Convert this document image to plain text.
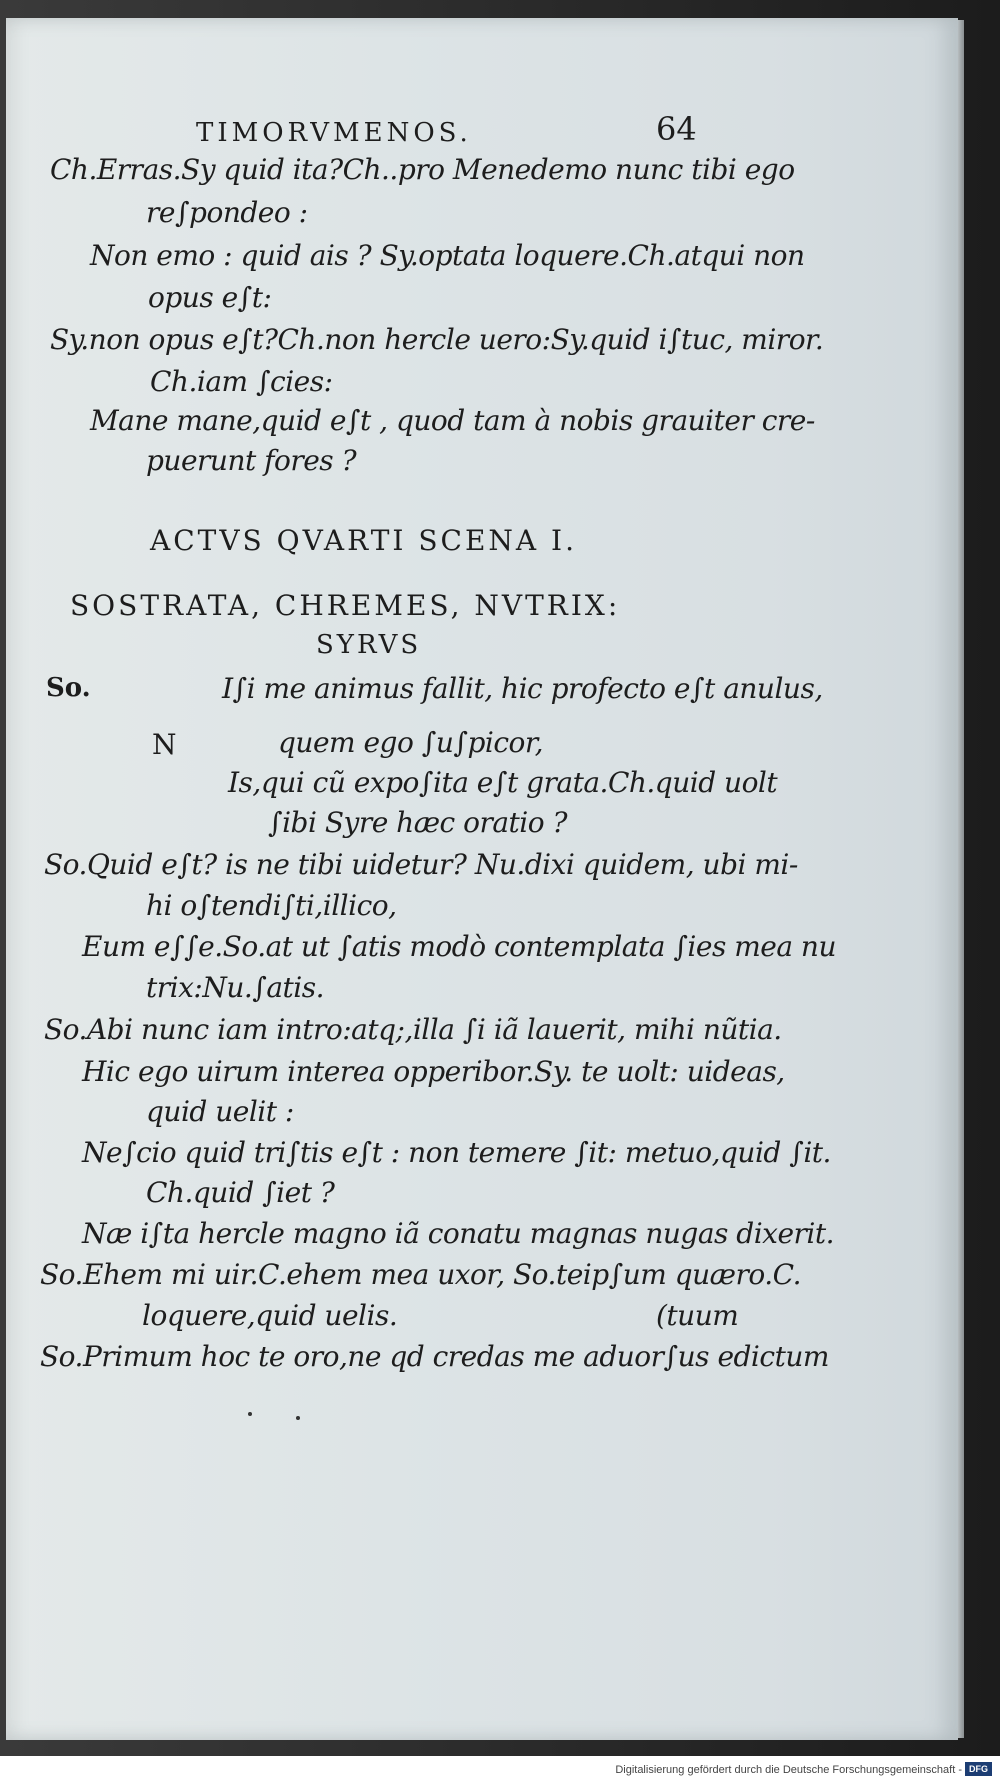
TIMORVMENOS.	64
Ch.Erras.Sy quid ita?Ch..pro Menedemo nunc tibi ego
re∫pondeo :
Non emo : quid ais ? Sy.optata loquere.Ch.atqui non
opus e∫t:
Sy.non opus e∫t?Ch.non hercle uero:Sy.quid i∫tuc, miror.
Ch.iam ∫cies:
Mane mane,quid e∫t , quod tam à nobis grauiter cre-
puerunt fores ?
ACTVS QVARTI SCENA I.
SOSTRATA, CHREMES, NVTRIX:
SYRVS
So.	I∫i me animus fallit, hic profecto e∫t anulus,
N	quem ego ∫u∫picor,
Is,qui cũ expo∫ita e∫t grata.Ch.quid uolt
∫ibi Syre hæc oratio ?
So.Quid e∫t? is ne tibi uidetur? Nu.dixi quidem, ubi mi-
hi o∫tendi∫ti,illico,
Eum e∫∫e.So.at ut ∫atis modò contemplata ∫ies mea nu
trix:Nu.∫atis.
So.Abi nunc iam intro:atq;,illa ∫i iã lauerit, mihi nũtia.
Hic ego uirum interea opperibor.Sy. te uolt: uideas,
quid uelit :
Ne∫cio quid tri∫tis e∫t : non temere ∫it: metuo,quid ∫it.
Ch.quid ∫iet ?
Næ i∫ta hercle magno iã conatu magnas nugas dixerit.
So.Ehem mi uir.C.ehem mea uxor, So.teip∫um quæro.C.
loquere,quid uelis.	(tuum
So.Primum hoc te oro,ne qd credas me aduor∫us edictum
Digitalisierung gefördert durch die Deutsche Forschungsgemeinschaft - DFG
